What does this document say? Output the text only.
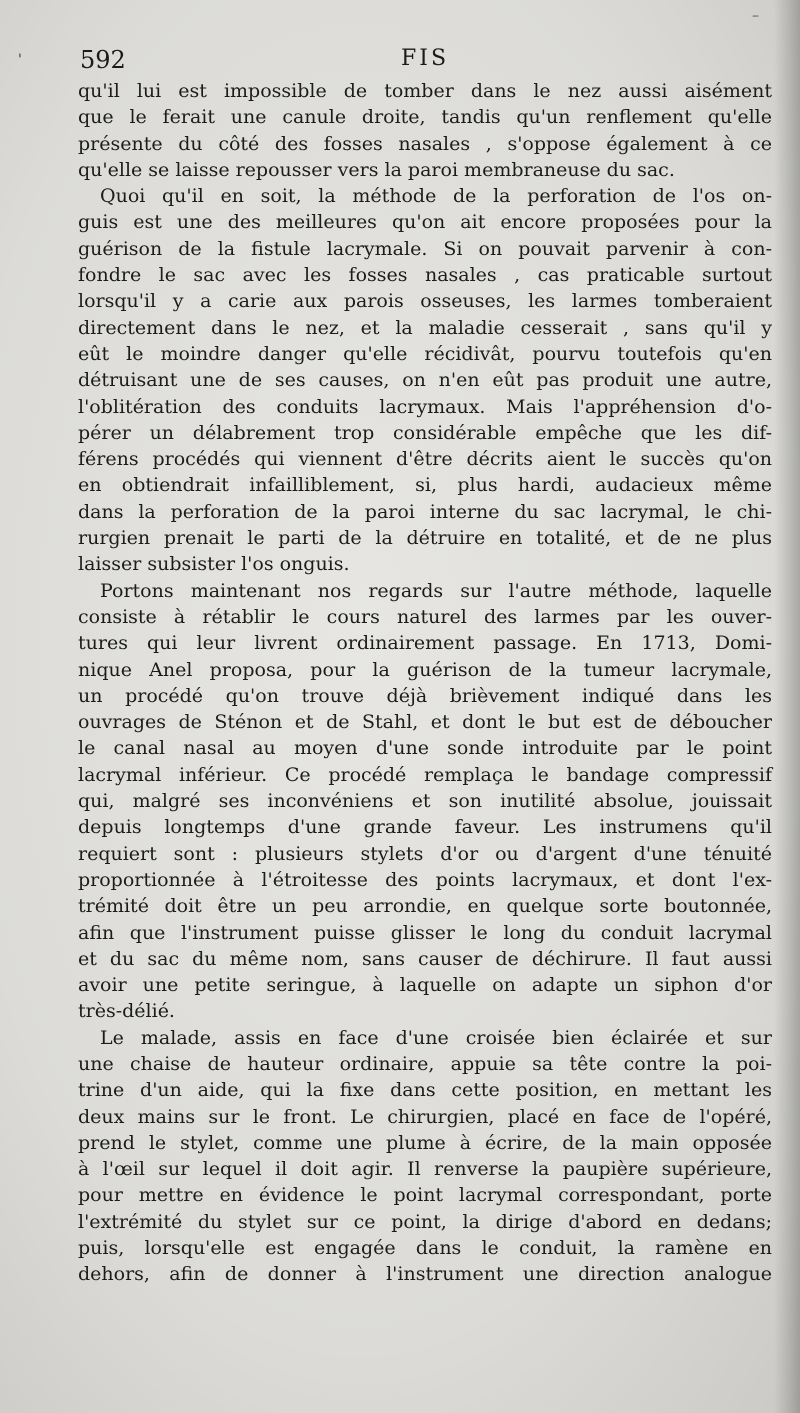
'
–
592	FIS
qu'il lui est impossible de tomber dans le nez aussi aisément
que le ferait une canule droite, tandis qu'un renflement qu'elle
présente du côté des fosses nasales , s'oppose également à ce
qu'elle se laisse repousser vers la paroi membraneuse du sac.
Quoi qu'il en soit, la méthode de la perforation de l'os on-
guis est une des meilleures qu'on ait encore proposées pour la
guérison de la fistule lacrymale. Si on pouvait parvenir à con-
fondre le sac avec les fosses nasales , cas praticable surtout
lorsqu'il y a carie aux parois osseuses, les larmes tomberaient
directement dans le nez, et la maladie cesserait , sans qu'il y
eût le moindre danger qu'elle récidivât, pourvu toutefois qu'en
détruisant une de ses causes, on n'en eût pas produit une autre,
l'oblitération des conduits lacrymaux. Mais l'appréhension d'o-
pérer un délabrement trop considérable empêche que les dif-
férens procédés qui viennent d'être décrits aient le succès qu'on
en obtiendrait infailliblement, si, plus hardi, audacieux même
dans la perforation de la paroi interne du sac lacrymal, le chi-
rurgien prenait le parti de la détruire en totalité, et de ne plus
laisser subsister l'os onguis.
Portons maintenant nos regards sur l'autre méthode, laquelle
consiste à rétablir le cours naturel des larmes par les ouver-
tures qui leur livrent ordinairement passage. En 1713, Domi-
nique Anel proposa, pour la guérison de la tumeur lacrymale,
un procédé qu'on trouve déjà brièvement indiqué dans les
ouvrages de Sténon et de Stahl, et dont le but est de déboucher
le canal nasal au moyen d'une sonde introduite par le point
lacrymal inférieur. Ce procédé remplaça le bandage compressif
qui, malgré ses inconvéniens et son inutilité absolue, jouissait
depuis longtemps d'une grande faveur. Les instrumens qu'il
requiert sont : plusieurs stylets d'or ou d'argent d'une ténuité
proportionnée à l'étroitesse des points lacrymaux, et dont l'ex-
trémité doit être un peu arrondie, en quelque sorte boutonnée,
afin que l'instrument puisse glisser le long du conduit lacrymal
et du sac du même nom, sans causer de déchirure. Il faut aussi
avoir une petite seringue, à laquelle on adapte un siphon d'or
très-délié.
Le malade, assis en face d'une croisée bien éclairée et sur
une chaise de hauteur ordinaire, appuie sa tête contre la poi-
trine d'un aide, qui la fixe dans cette position, en mettant les
deux mains sur le front. Le chirurgien, placé en face de l'opéré,
prend le stylet, comme une plume à écrire, de la main opposée
à l'œil sur lequel il doit agir. Il renverse la paupière supérieure,
pour mettre en évidence le point lacrymal correspondant, porte
l'extrémité du stylet sur ce point, la dirige d'abord en dedans;
puis, lorsqu'elle est engagée dans le conduit, la ramène en
dehors, afin de donner à l'instrument une direction analogue
